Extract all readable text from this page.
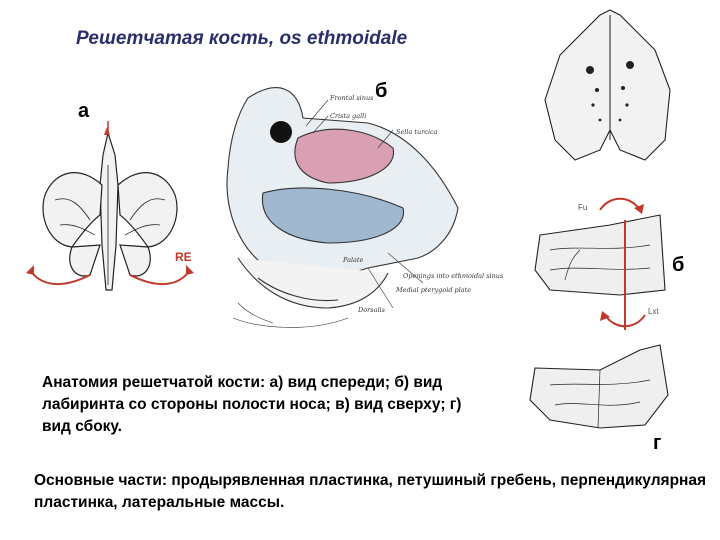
Решетчатая кость, os ethmoidale
а
б
б
г
RE
Frontal sinus
Crista galli
Sella turcica
Palate
Openings into ethmoidal sinus
Medial pterygoid plate
Dorsalis
Fu
Lxt
Анатомия решетчатой кости: а) вид спереди; б) вид лабиринта со стороны полости носа; в) вид сверху; г) вид сбоку.
Основные части: продырявленная пластинка, петушиный гребень, перпендикулярная пластинка, латеральные массы.
